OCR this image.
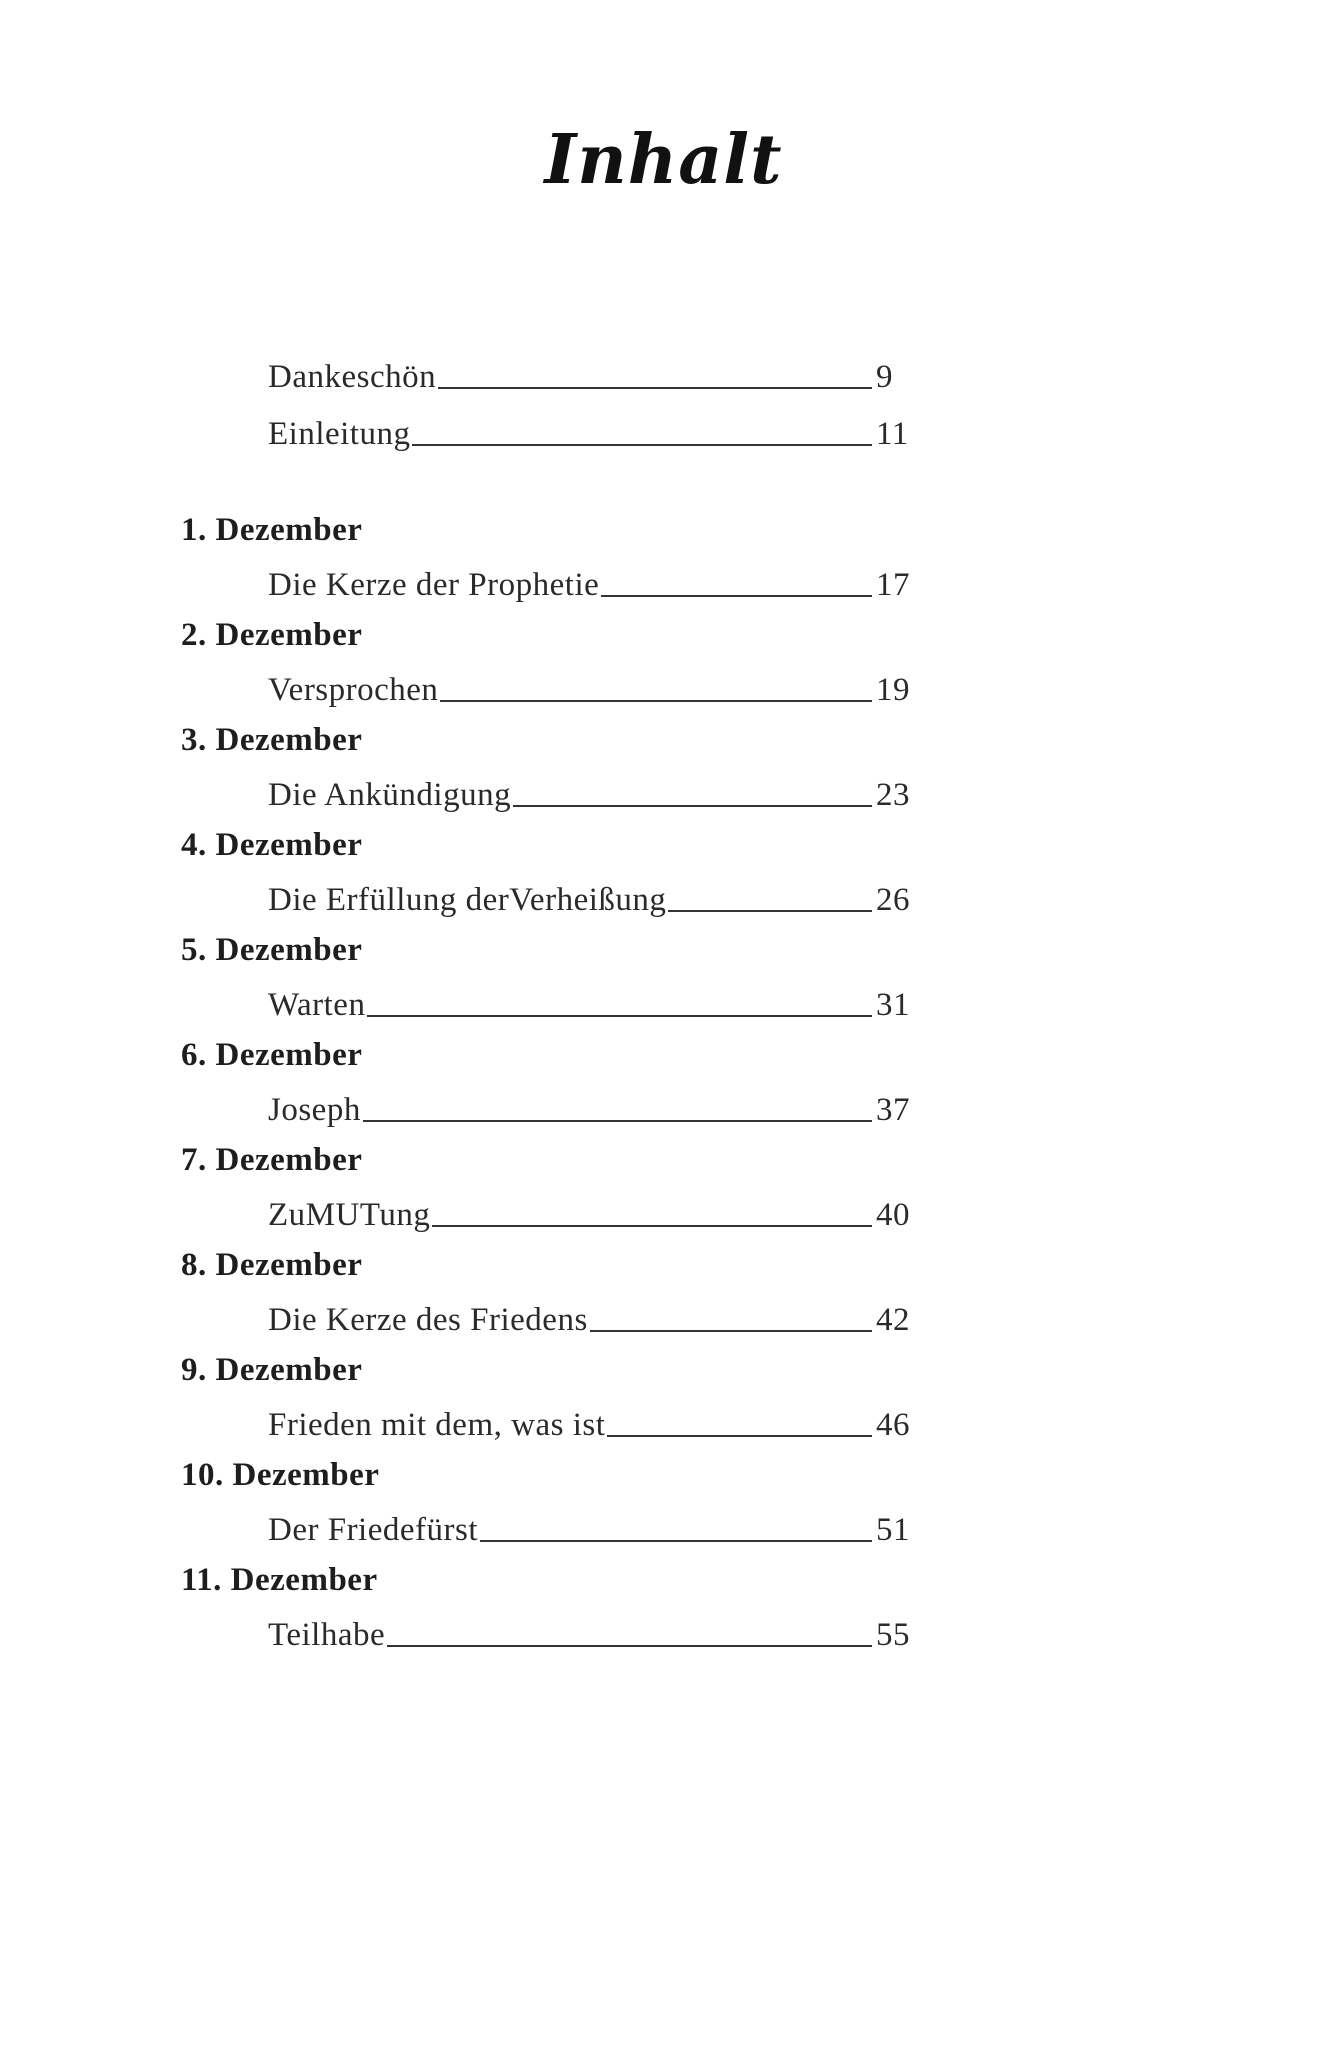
Inhalt
Dankeschön	9
Einleitung	11
1. Dezember
Die Kerze der Prophetie	17
2. Dezember
Versprochen	19
3. Dezember
Die Ankündigung	23
4. Dezember
Die Erfüllung derVerheißung	26
5. Dezember
Warten	31
6. Dezember
Joseph	37
7. Dezember
ZuMUTung	40
8. Dezember
Die Kerze des Friedens	42
9. Dezember
Frieden mit dem, was ist	46
10. Dezember
Der Friedefürst	51
11. Dezember
Teilhabe	55
